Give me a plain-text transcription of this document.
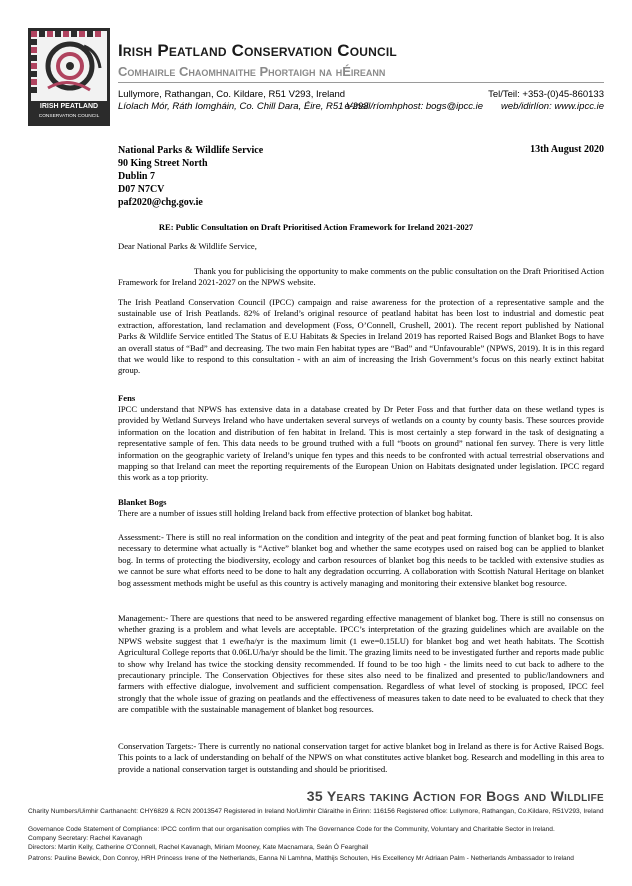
IRISH PEATLAND
CONSERVATION COUNCIL
Irish Peatland Conservation Council
Comhairle Chaomhnaithe Phortaigh na hÉireann
Lullymore, Rathangan, Co. Kildare, R51 V293, Ireland
Líolach Mór, Ráth Iomgháin, Co. Chill Dara, Éire, R51 V293
Tel/Teil: +353-(0)45-860133
e-mail/ríomhphost: bogs@ipcc.ie web/idirlíon: www.ipcc.ie
National Parks & Wildlife Service
90 King Street North
Dublin 7
D07 N7CV
paf2020@chg.gov.ie
13th August 2020
RE: Public Consultation on Draft Prioritised Action Framework for Ireland 2021-2027
Dear National Parks & Wildlife Service,
Thank you for publicising the opportunity to make comments on the public consultation on the Draft Prioritised Action Framework for Ireland 2021-2027 on the NPWS website.
The Irish Peatland Conservation Council (IPCC) campaign and raise awareness for the protection of a representative sample and the sustainable use of Irish Peatlands. 82% of Ireland’s original resource of peatland habitat has been lost to industrial and domestic peat extraction, afforestation, land reclamation and development (Foss, O’Connell, Crushell, 2001). The recent report published by National Parks & Wildlife Service entitled The Status of E.U Habitats & Species in Ireland 2019 has reported Raised Bogs and Blanket Bogs to have an overall status of “Bad” and decreasing. The two main Fen habitat types are “Bad” and “Unfavourable” (NPWS, 2019). It is in this regard that we would like to respond to this consultation - with an aim of increasing the Irish Government’s focus on this nearly extinct habitat group.
Fens
IPCC understand that NPWS has extensive data in a database created by Dr Peter Foss and that further data on these wetland types is provided by Wetland Surveys Ireland who have undertaken several surveys of wetlands on a county by county basis. These sources provide information on the location and distribution of fen habitat in Ireland. This is most certainly a step forward in the task of designating a representative sample of fen. This data needs to be ground truthed with a full “boots on ground” national fen survey. There is very little information on the geographic variety of Ireland’s unique fen types and this needs to be confronted with actual terrestrial observations and mapping so that Ireland can meet the reporting requirements of the European Union on Habitats designated under legislation. IPCC regard this work as a top priority.
Blanket Bogs
There are a number of issues still holding Ireland back from effective protection of blanket bog habitat.
Assessment:- There is still no real information on the condition and integrity of the peat and peat forming function of blanket bog. It is also necessary to determine what actually is “Active” blanket bog and whether the same ecotypes used on raised bog can be applied to blanket bog. In terms of protecting the biodiversity, ecology and carbon resources of blanket bog this needs to be tackled with extensive studies as we cannot be sure what efforts need to be done to halt any degradation occurring. A collaboration with Scottish Natural Heritage on blanket bog assessment methods might be useful as this country is actively managing and monitoring their extensive blanket bog resource.
Management:- There are questions that need to be answered regarding effective management of blanket bog. There is still no consensus on whether grazing is a problem and what levels are acceptable. IPCC’s interpretation of the grazing guidelines which are available on the NPWS website suggest that 1 ewe/ha/yr is the maximum limit (1 ewe=0.15LU) for blanket bog and wet heath habitats. The Scottish Agricultural College reports that 0.06LU/ha/yr should be the limit. The grazing limits need to be investigated further and reports made public to show why Ireland has twice the stocking density recommended. If found to be too high - the limits need to cut back to adhere to the precautionary principle. The Conservation Objectives for these sites also need to be finalized and presented to public/landowners and farmers with effective dialogue, involvement and sufficient compensation. Regardless of what level of stocking is proposed, IPCC feel strongly that the whole issue of grazing on peatlands and the effectiveness of measures taken to date need to be evaluated to check that they are compatible with the sustainable management of blanket bog resources.
Conservation Targets:- There is currently no national conservation target for active blanket bog in Ireland as there is for Active Raised Bogs. This points to a lack of understanding on behalf of the NPWS on what constitutes active blanket bog. Research and modelling in this area to provide a national conservation target is outstanding and should be prioritised.
35 Years taking Action for Bogs and Wildlife
Charity Numbers/Uimhir Carthanacht: CHY6829 & RCN 20013547 Registered in Ireland No/Uimhir Cláraithe in Éirinn: 116156 Registered office: Lullymore, Rathangan, Co.Kildare, R51V293, Ireland
Governance Code Statement of Compliance: IPCC confirm that our organisation complies with The Governance Code for the Community, Voluntary and Charitable Sector in Ireland.
Company Secretary: Rachel Kavanagh
Directors: Martin Kelly, Catherine O’Connell, Rachel Kavanagh, Miriam Mooney, Kate Macnamara, Seán Ó Fearghail
Patrons: Pauline Bewick, Don Conroy, HRH Princess Irene of the Netherlands, Eanna Ni Lamhna, Matthijs Schouten, His Excellency Mr Adriaan Palm - Netherlands Ambassador to Ireland
